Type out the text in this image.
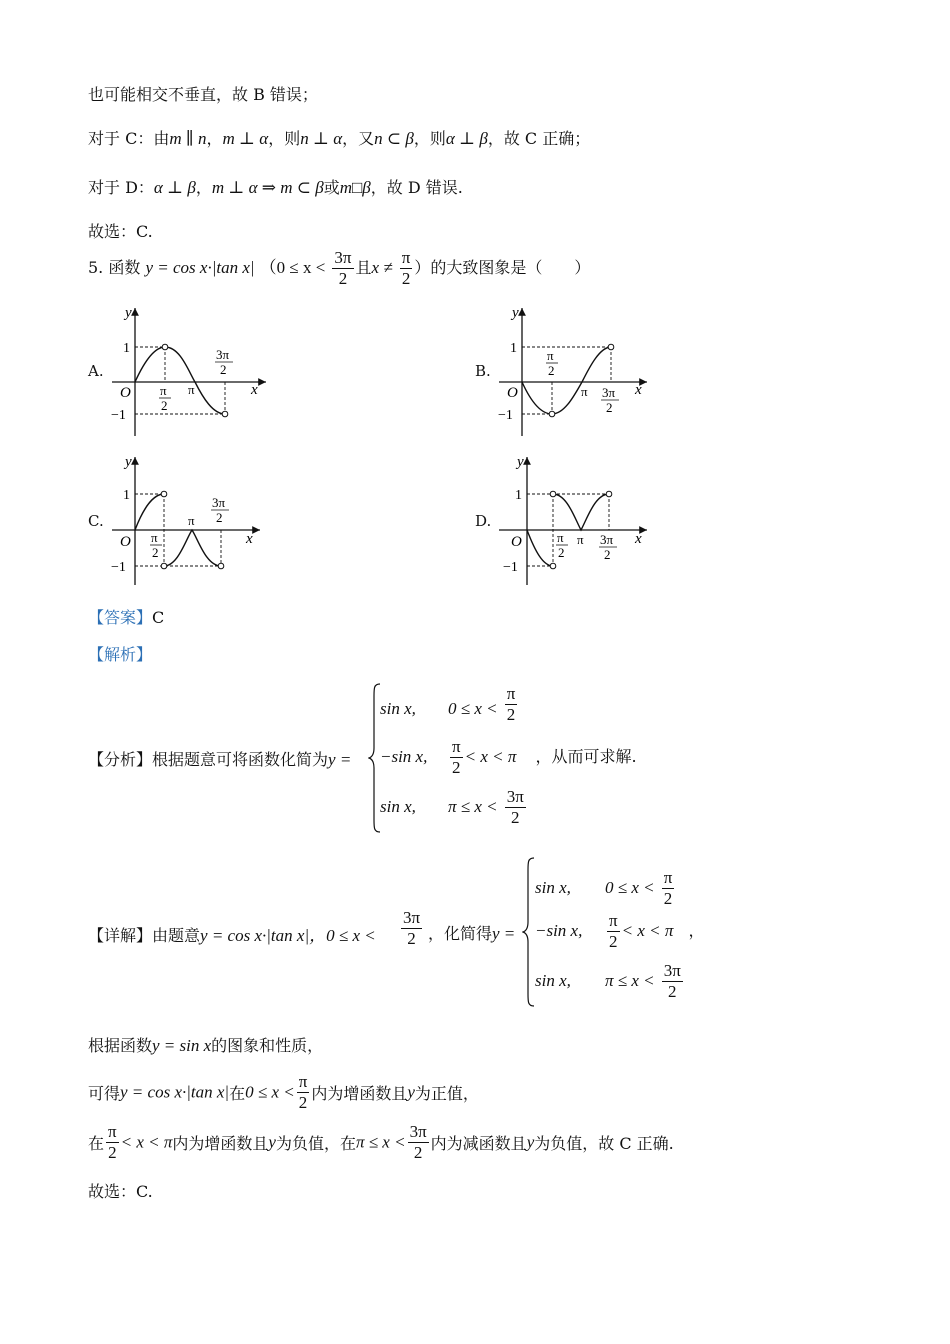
也可能相交不垂直，故 B 错误；
对于 C：由m ∥ n，m ⊥ α，则n ⊥ α，又n ⊂ β，则α ⊥ β，故 C 正确；
对于 D：α ⊥ β，m ⊥ α ⇒ m ⊂ β或m□β，故 D 错误.
故选：C.
5. 函数 y = cos x·|tan x| （$0 \le x < \frac{3\pi}{2}$ 且$x \ne \frac{\pi}{2}$ ）的大致图象是（　　）
A.	B.
C.	D.
y
x
O
1
−1
π
2
π
3π
2
y
x
O
1
−1
π
2
π 3π
2
y
x
O
1
−1
π
2
π
3π
2
y
x
O
1
−1
π
2
π 3π
2
【答案】C
【解析】
【分析】根据题意可将函数化简为y =
sin x, $0 \le x < \frac{\pi}{2}$
−sin x, $\frac{\pi}{2} < x < \pi$ ，从而可求解.
sin x, $\pi \le x < \frac{3\pi}{2}$
【详解】由题意y = cos x·|tan x|，$0 \le x < \frac{3\pi}{2}$ ，化简得y =
sin x, $0 \le x < \frac{\pi}{2}$
−sin x, $\frac{\pi}{2} < x < \pi$ ，
sin x, $\pi \le x < \frac{3\pi}{2}$
根据函数y = sin x的图象和性质，
可得y = cos x·|tan x|在$0 \le x < \frac{\pi}{2}$ 内为增函数且y为正值，
在 $\frac{\pi}{2} < x < \pi$内为增函数且y为负值，在$\pi \le x < \frac{3\pi}{2}$ 内为减函数且y为负值，故 C 正确.
故选：C.
